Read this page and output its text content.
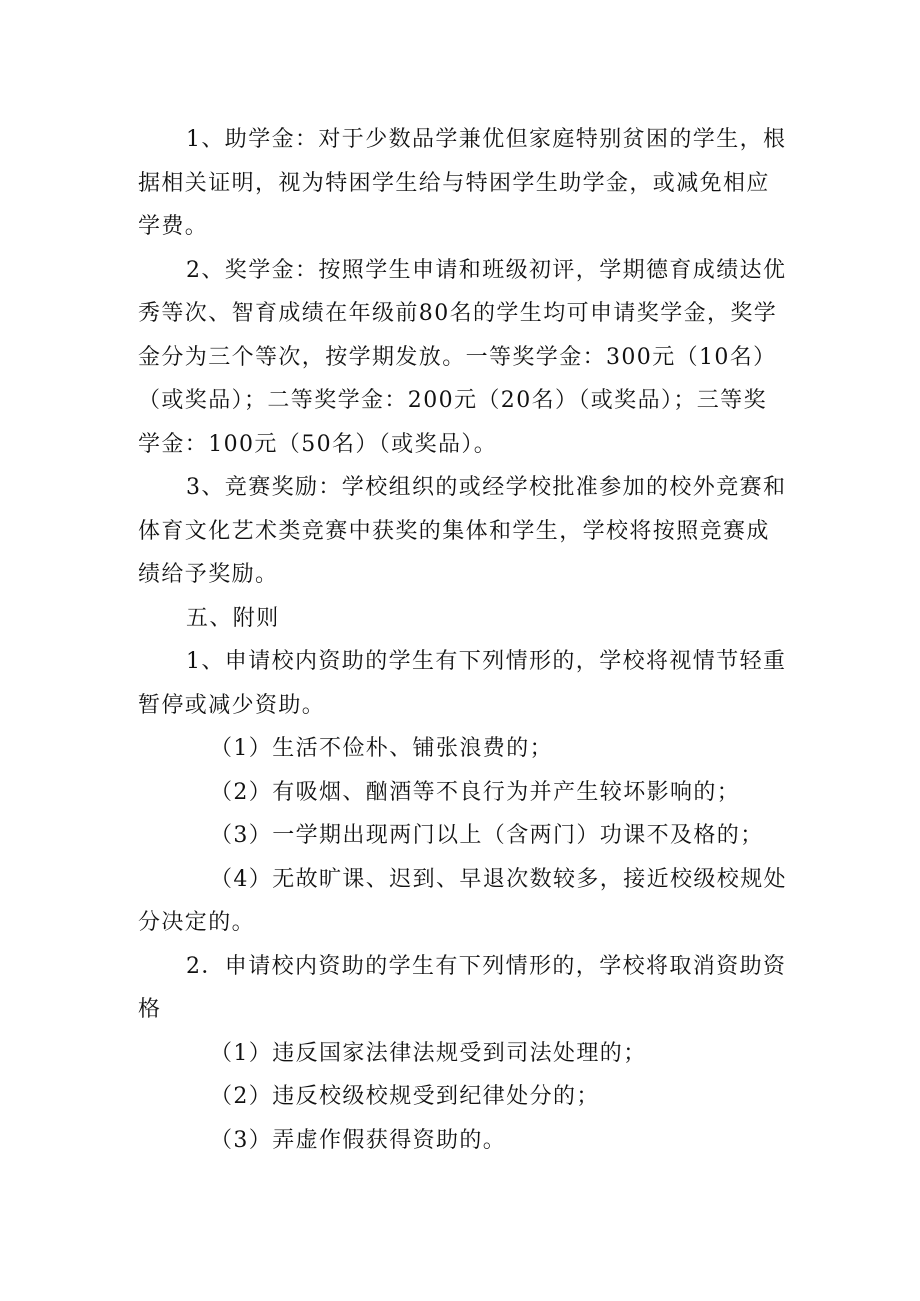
1、助学金：对于少数品学兼优但家庭特别贫困的学生，根据相关证明，视为特困学生给与特困学生助学金，或减免相应学费。

2、奖学金：按照学生申请和班级初评，学期德育成绩达优秀等次、智育成绩在年级前80名的学生均可申请奖学金，奖学金分为三个等次，按学期发放。一等奖学金：300元（10名）（或奖品）；二等奖学金：200元（20名）（或奖品）；三等奖学金：100元（50名）（或奖品）。

3、竞赛奖励：学校组织的或经学校批准参加的校外竞赛和体育文化艺术类竞赛中获奖的集体和学生，学校将按照竞赛成绩给予奖励。

五、附则

1、申请校内资助的学生有下列情形的，学校将视情节轻重暂停或减少资助。

（1）生活不俭朴、铺张浪费的；

（2）有吸烟、酗酒等不良行为并产生较坏影响的；

（3）一学期出现两门以上（含两门）功课不及格的；

（4）无故旷课、迟到、早退次数较多，接近校级校规处分决定的。

2．申请校内资助的学生有下列情形的，学校将取消资助资格

（1）违反国家法律法规受到司法处理的；

（2）违反校级校规受到纪律处分的；

（3）弄虚作假获得资助的。
